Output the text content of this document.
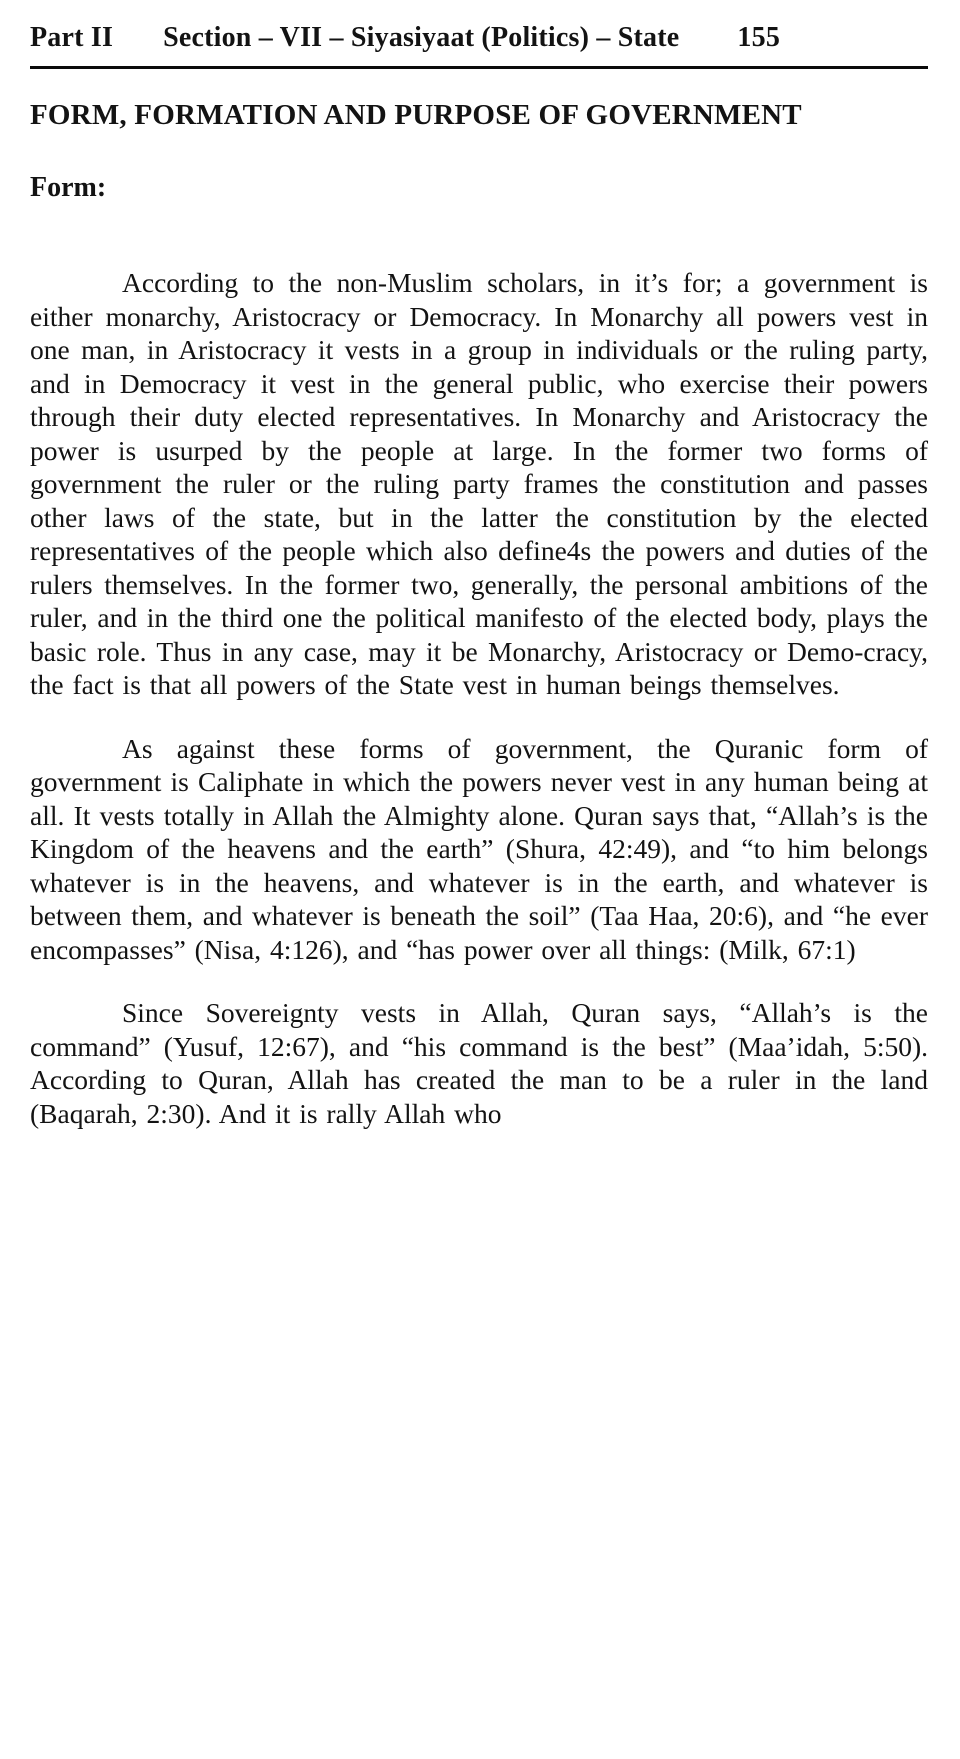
Part II Section – VII – Siyasiyaat (Politics) – State 155
FORM, FORMATION AND PURPOSE OF GOVERNMENT
Form:

According to the non-Muslim scholars, in it’s for; a government is either monarchy, Aristocracy or Democracy. In Monarchy all powers vest in one man, in Aristocracy it vests in a group in individuals or the ruling party, and in Democracy it vest in the general public, who exercise their powers through their duty elected representatives. In Monarchy and Aristocracy the power is usurped by the people at large. In the former two forms of government the ruler or the ruling party frames the constitution and passes other laws of the state, but in the latter the constitution by the elected representatives of the people which also define4s the powers and duties of the rulers themselves. In the former two, generally, the personal ambitions of the ruler, and in the third one the political manifesto of the elected body, plays the basic role. Thus in any case, may it be Monarchy, Aristocracy or Demo-cracy, the fact is that all powers of the State vest in human beings themselves.

As against these forms of government, the Quranic form of government is Caliphate in which the powers never vest in any human being at all. It vests totally in Allah the Almighty alone. Quran says that, “Allah’s is the Kingdom of the heavens and the earth” (Shura, 42:49), and “to him belongs whatever is in the heavens, and whatever is in the earth, and whatever is between them, and whatever is beneath the soil” (Taa Haa, 20:6), and “he ever encompasses” (Nisa, 4:126), and “has power over all things: (Milk, 67:1)

Since Sovereignty vests in Allah, Quran says, “Allah’s is the command” (Yusuf, 12:67), and “his command is the best” (Maa’idah, 5:50). According to Quran, Allah has created the man to be a ruler in the land (Baqarah, 2:30). And it is rally Allah who
